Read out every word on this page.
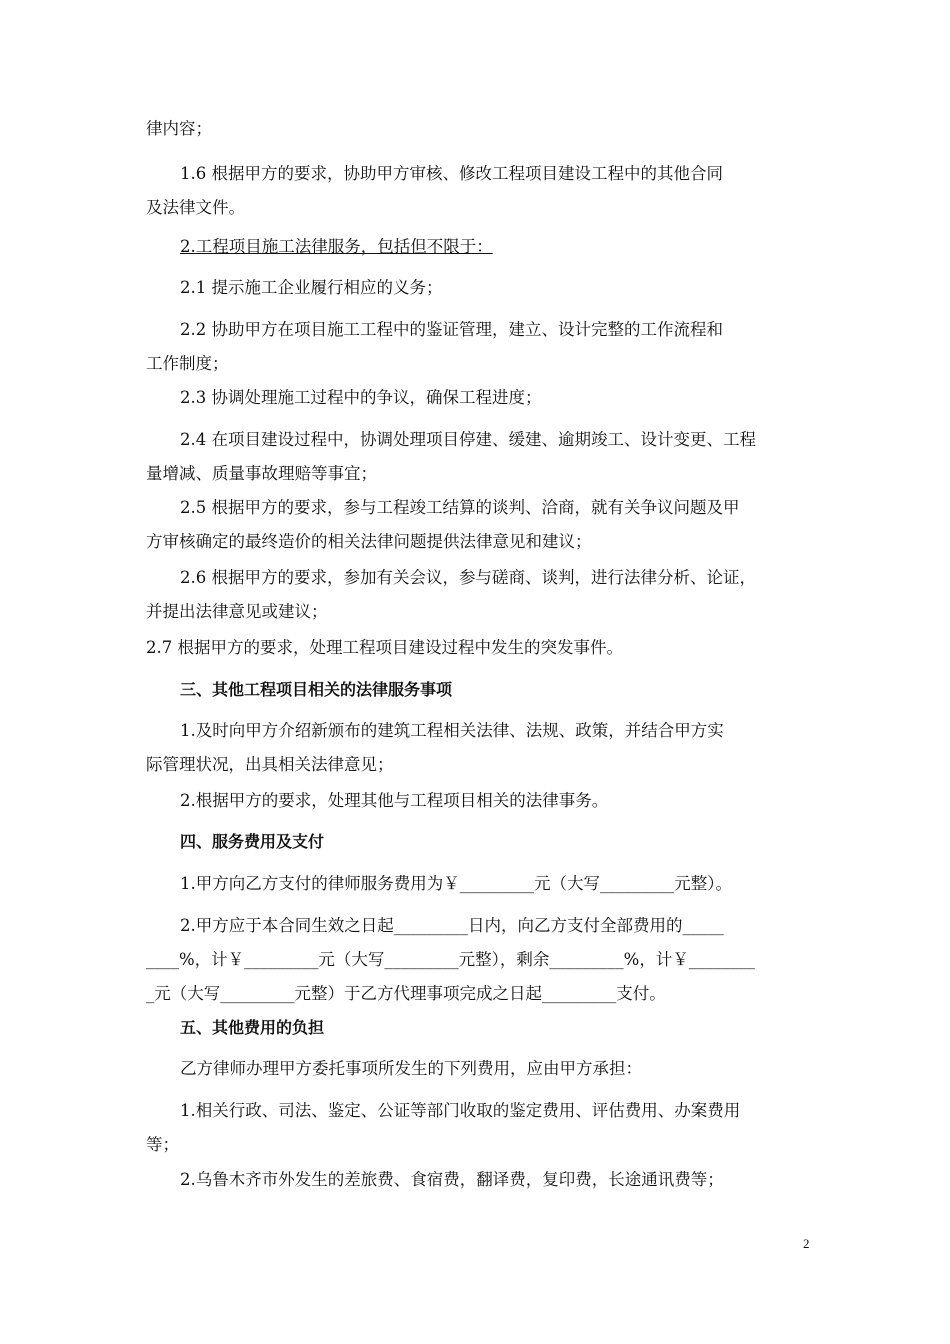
律内容；
1.6 根据甲方的要求，协助甲方审核、修改工程项目建设工程中的其他合同
及法律文件。
2.工程项目施工法律服务，包括但不限于：
2.1 提示施工企业履行相应的义务；
2.2 协助甲方在项目施工工程中的鉴证管理，建立、设计完整的工作流程和
工作制度；
2.3 协调处理施工过程中的争议，确保工程进度；
2.4 在项目建设过程中，协调处理项目停建、缓建、逾期竣工、设计变更、工程
量增减、质量事故理赔等事宜；
2.5 根据甲方的要求，参与工程竣工结算的谈判、洽商，就有关争议问题及甲
方审核确定的最终造价的相关法律问题提供法律意见和建议；
2.6 根据甲方的要求，参加有关会议，参与磋商、谈判，进行法律分析、论证，
并提出法律意见或建议；
2.7 根据甲方的要求，处理工程项目建设过程中发生的突发事件。
三、其他工程项目相关的法律服务事项
1.及时向甲方介绍新颁布的建筑工程相关法律、法规、政策，并结合甲方实
际管理状况，出具相关法律意见；
2.根据甲方的要求，处理其他与工程项目相关的法律事务。
四、服务费用及支付
1.甲方向乙方支付的律师服务费用为￥_________元（大写_________元整）。
2.甲方应于本合同生效之日起_________日内，向乙方支付全部费用的_____
____%，计￥_________元（大写_________元整），剩余_________%，计￥________
_元（大写_________元整）于乙方代理事项完成之日起_________支付。
五、其他费用的负担
乙方律师办理甲方委托事项所发生的下列费用，应由甲方承担：
1.相关行政、司法、鉴定、公证等部门收取的鉴定费用、评估费用、办案费用
等；
2.乌鲁木齐市外发生的差旅费、食宿费，翻译费，复印费，长途通讯费等；
2
